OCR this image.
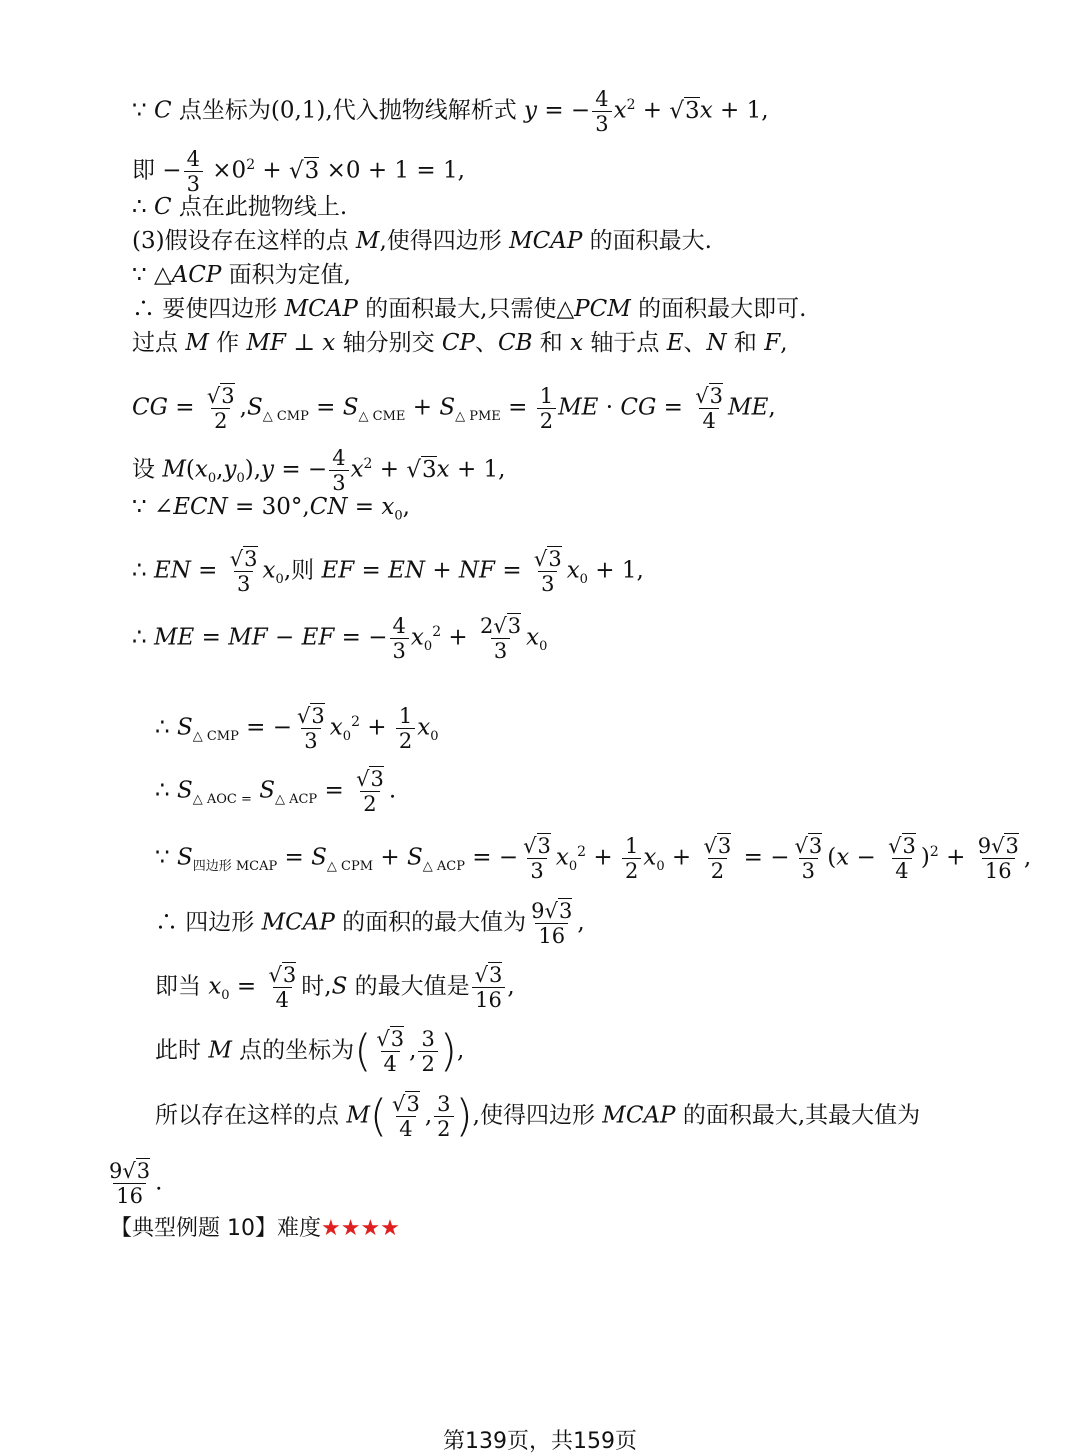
∵ C 点坐标为(0,1),代入抛物线解析式 y = − $\frac{4}{3} x^2 + √3x + 1$,
即 − $\frac{4}{3} \times 0^2 + √3 \times 0 + 1 = 1$,
∴ C 点在此抛物线上.
(3)假设存在这样的点 M,使得四边形 MCAP 的面积最大.
∵ △ACP 面积为定值,
∴ 要使四边形 MCAP 的面积最大,只需使△PCM 的面积最大即可.
过点 M 作 MF ⊥ x 轴分别交 CP、CB 和 x 轴于点 E、N 和 F,
CG = $\frac{√3}{2} ,S_{\triangle CMP} = S_{\triangle CME} + S_{\triangle PME} = \frac{1}{2}$ ME · CG = $\frac{√3}{4}$ ME,
设 $M(x_0,y_0),y$ = − $\frac{4}{3} x^2 + √3x + 1$,
∵ ∠ECN = $30^\circ,CN = x_0$,
∴ EN = $\frac{√3}{3} x_0$,则 EF = EN + NF = $\frac{√3}{3} x_0 + 1$,
∴ ME = MF − EF = − $\frac{4}{3} x_0^2 + \frac{2√3}{3} x_0$
∴ $S_{\triangle CMP}$ = − $\frac{√3}{3} x_0^2 + \frac{1}{2} x_0$
∴ $S_{\triangle AOC =}$ $S_{\triangle ACP} = \frac{√3}{2}$ .
∵ $S_{四边形 MCAP} = S_{\triangle CPM} + S_{\triangle ACP}$ = − $\frac{√3}{3} x_0^2 + \frac{1}{2} x_0 + \frac{√3}{2}$ = − $\frac{√3}{3} (x - \frac{√3}{4} )^2 + \frac{9√3}{16}$ ,
∴ 四边形 MCAP 的面积的最大值为 $\frac{9√3}{16}$ ,
即当 $x_0 = \frac{√3}{4}$ 时,S 的最大值是 $\frac{√3}{16}$ ,
此时 M 点的坐标为( $\frac{√3}{4}$ , $\frac{3}{2}$ ),
所以存在这样的点 $M( \frac{√3}{4}$ , $\frac{3}{2}$ ),使得四边形 MCAP 的面积最大,其最大值为
$\frac{9√3}{16}$ .
【典型例题 10】难度★★★★
第139页，共159页
